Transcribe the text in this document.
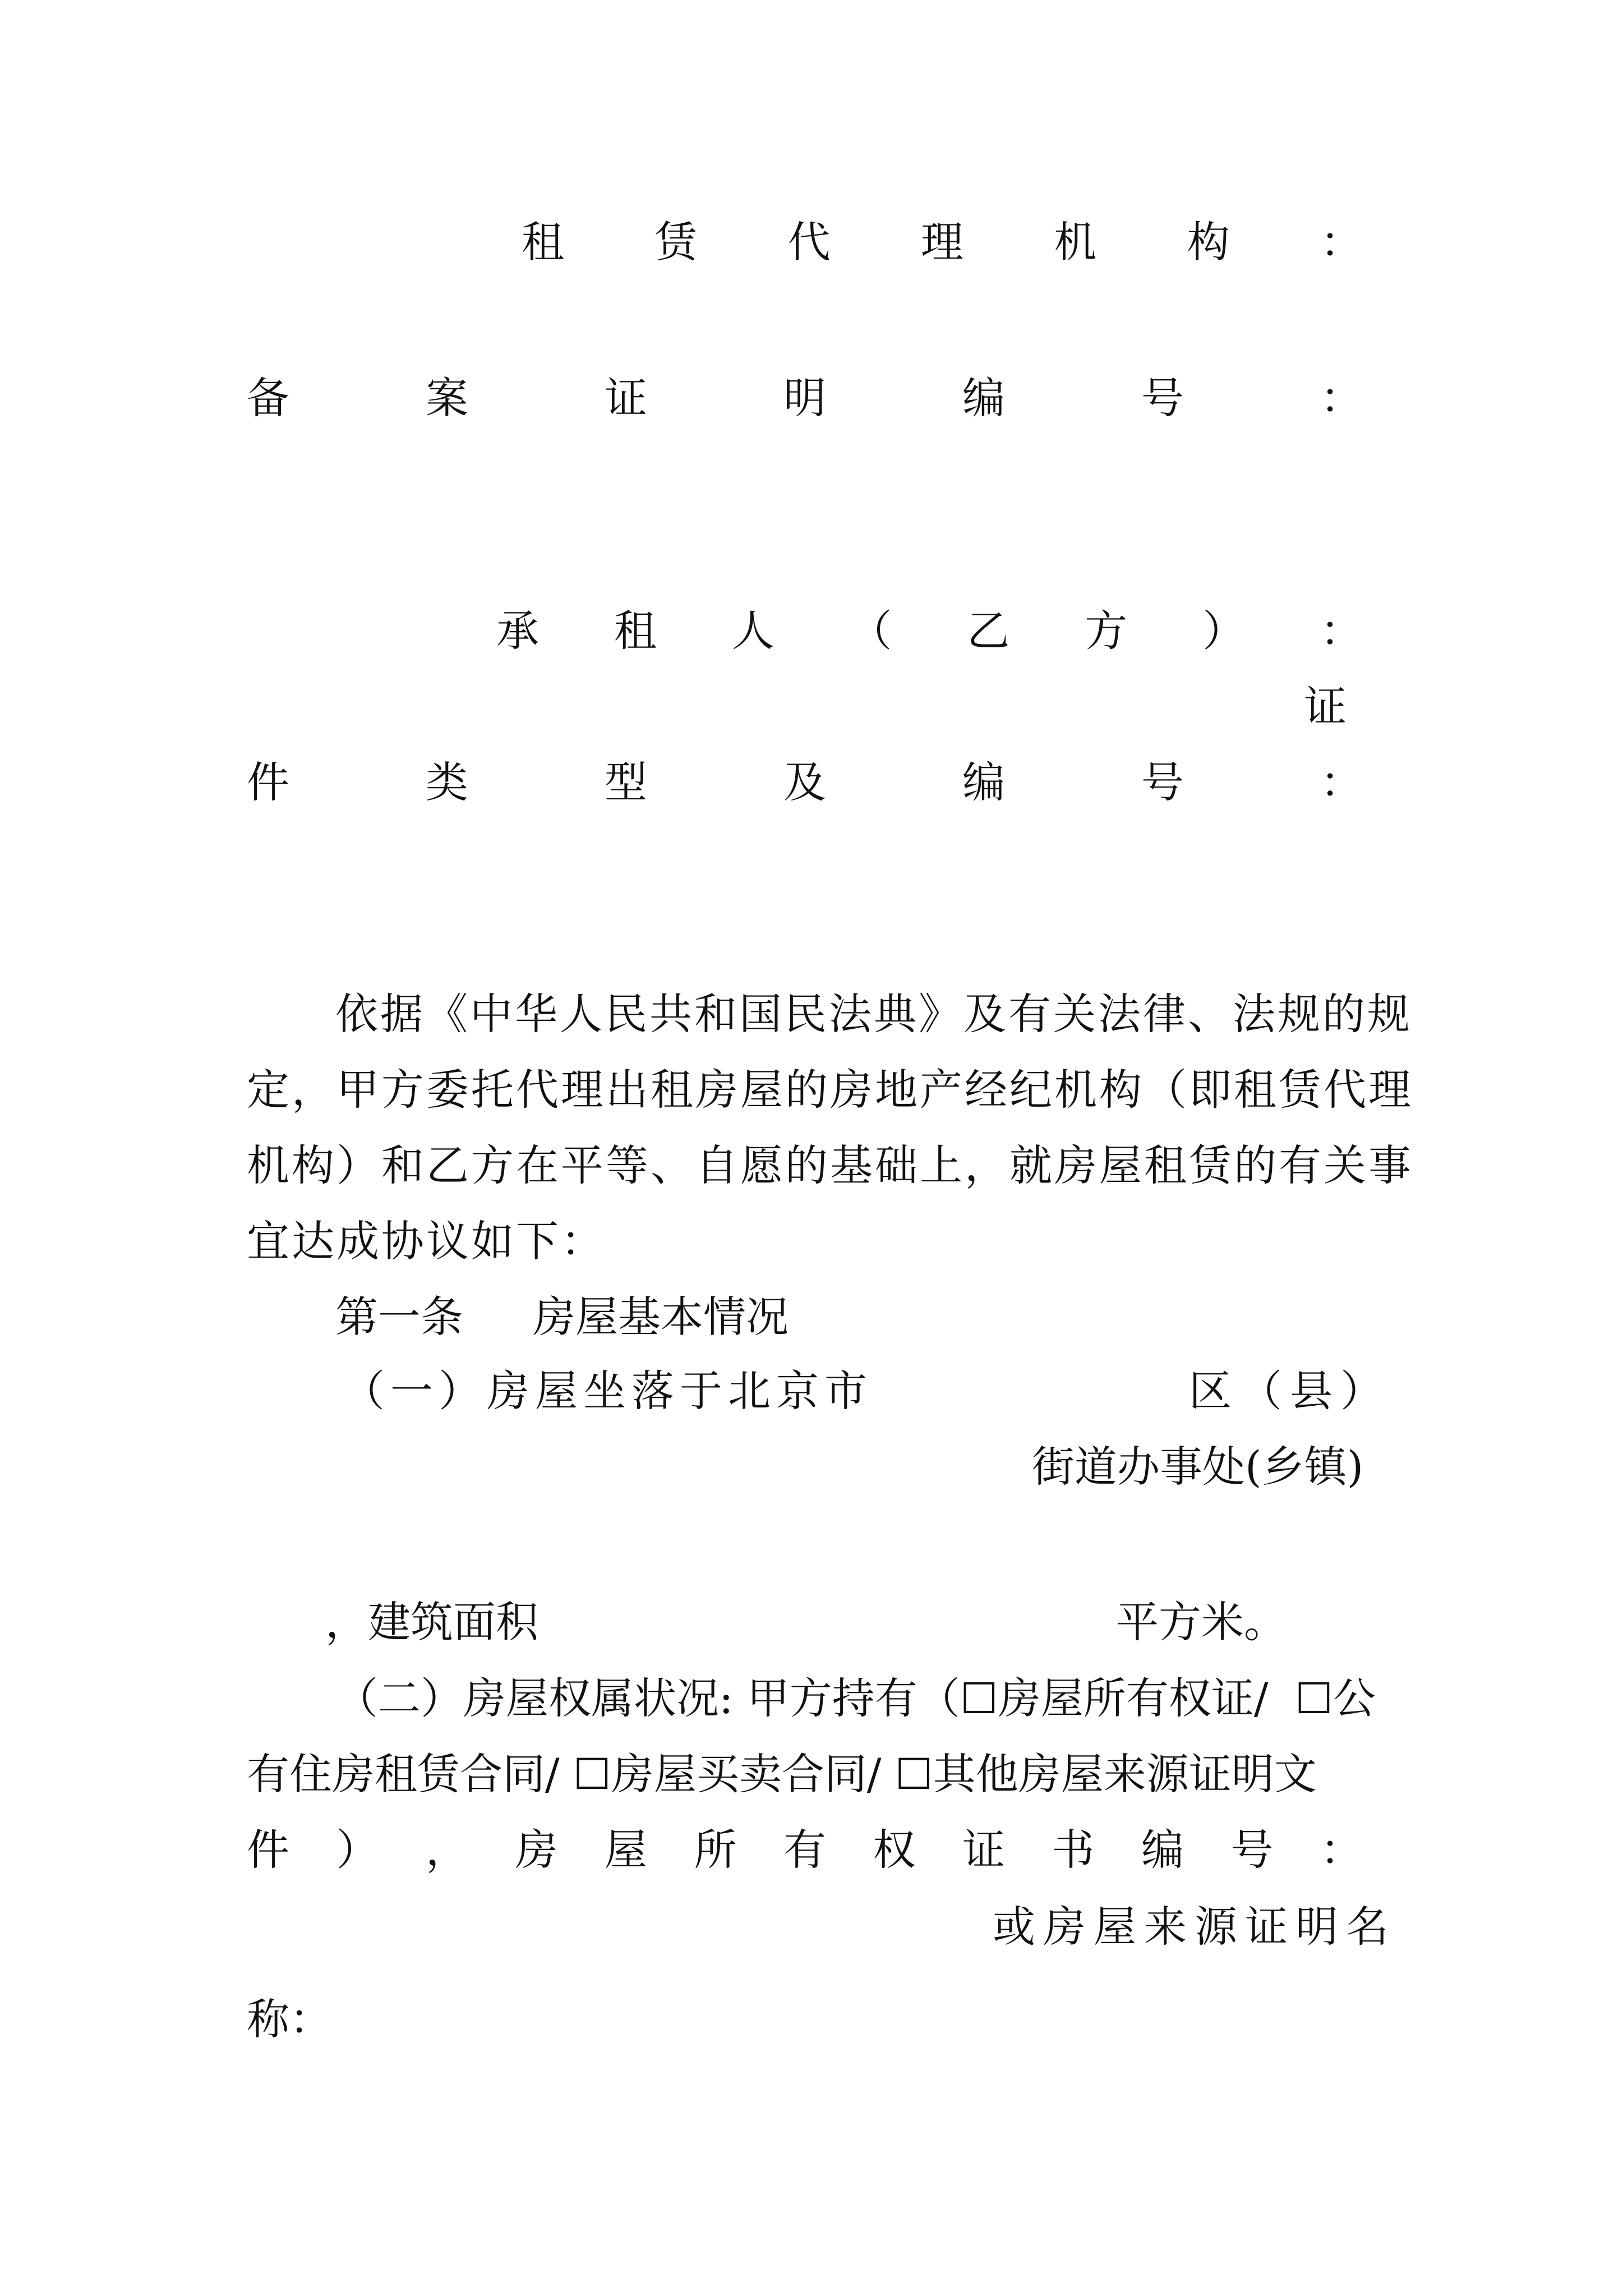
租 赁 代 理 机 构 ：
备	案	证	明	编	号	：
承 租 人 （ 乙 方 ） ：
证
件	类	型	及	编	号	：
依据《中华人民共和国民法典》及有关法律、法规的规
定，甲方委托代理出租房屋的房地产经纪机构（即租赁代理
机构）和乙方在平等、自愿的基础上，就房屋租赁的有关事
宜达成协议如下：
第一条 房屋基本情况
（一）房屋坐落于北京市	区（县）
街道办事处(乡镇)
，建筑面积	平方米。
（二）房屋权属状况: 甲方持有（☐房屋所有权证/ ☐公
有住房租赁合同/ ☐房屋买卖合同/ ☐其他房屋来源证明文
件 ） ， 房 屋 所 有 权 证 书 编 号 ：
或房屋来源证明名
称：
